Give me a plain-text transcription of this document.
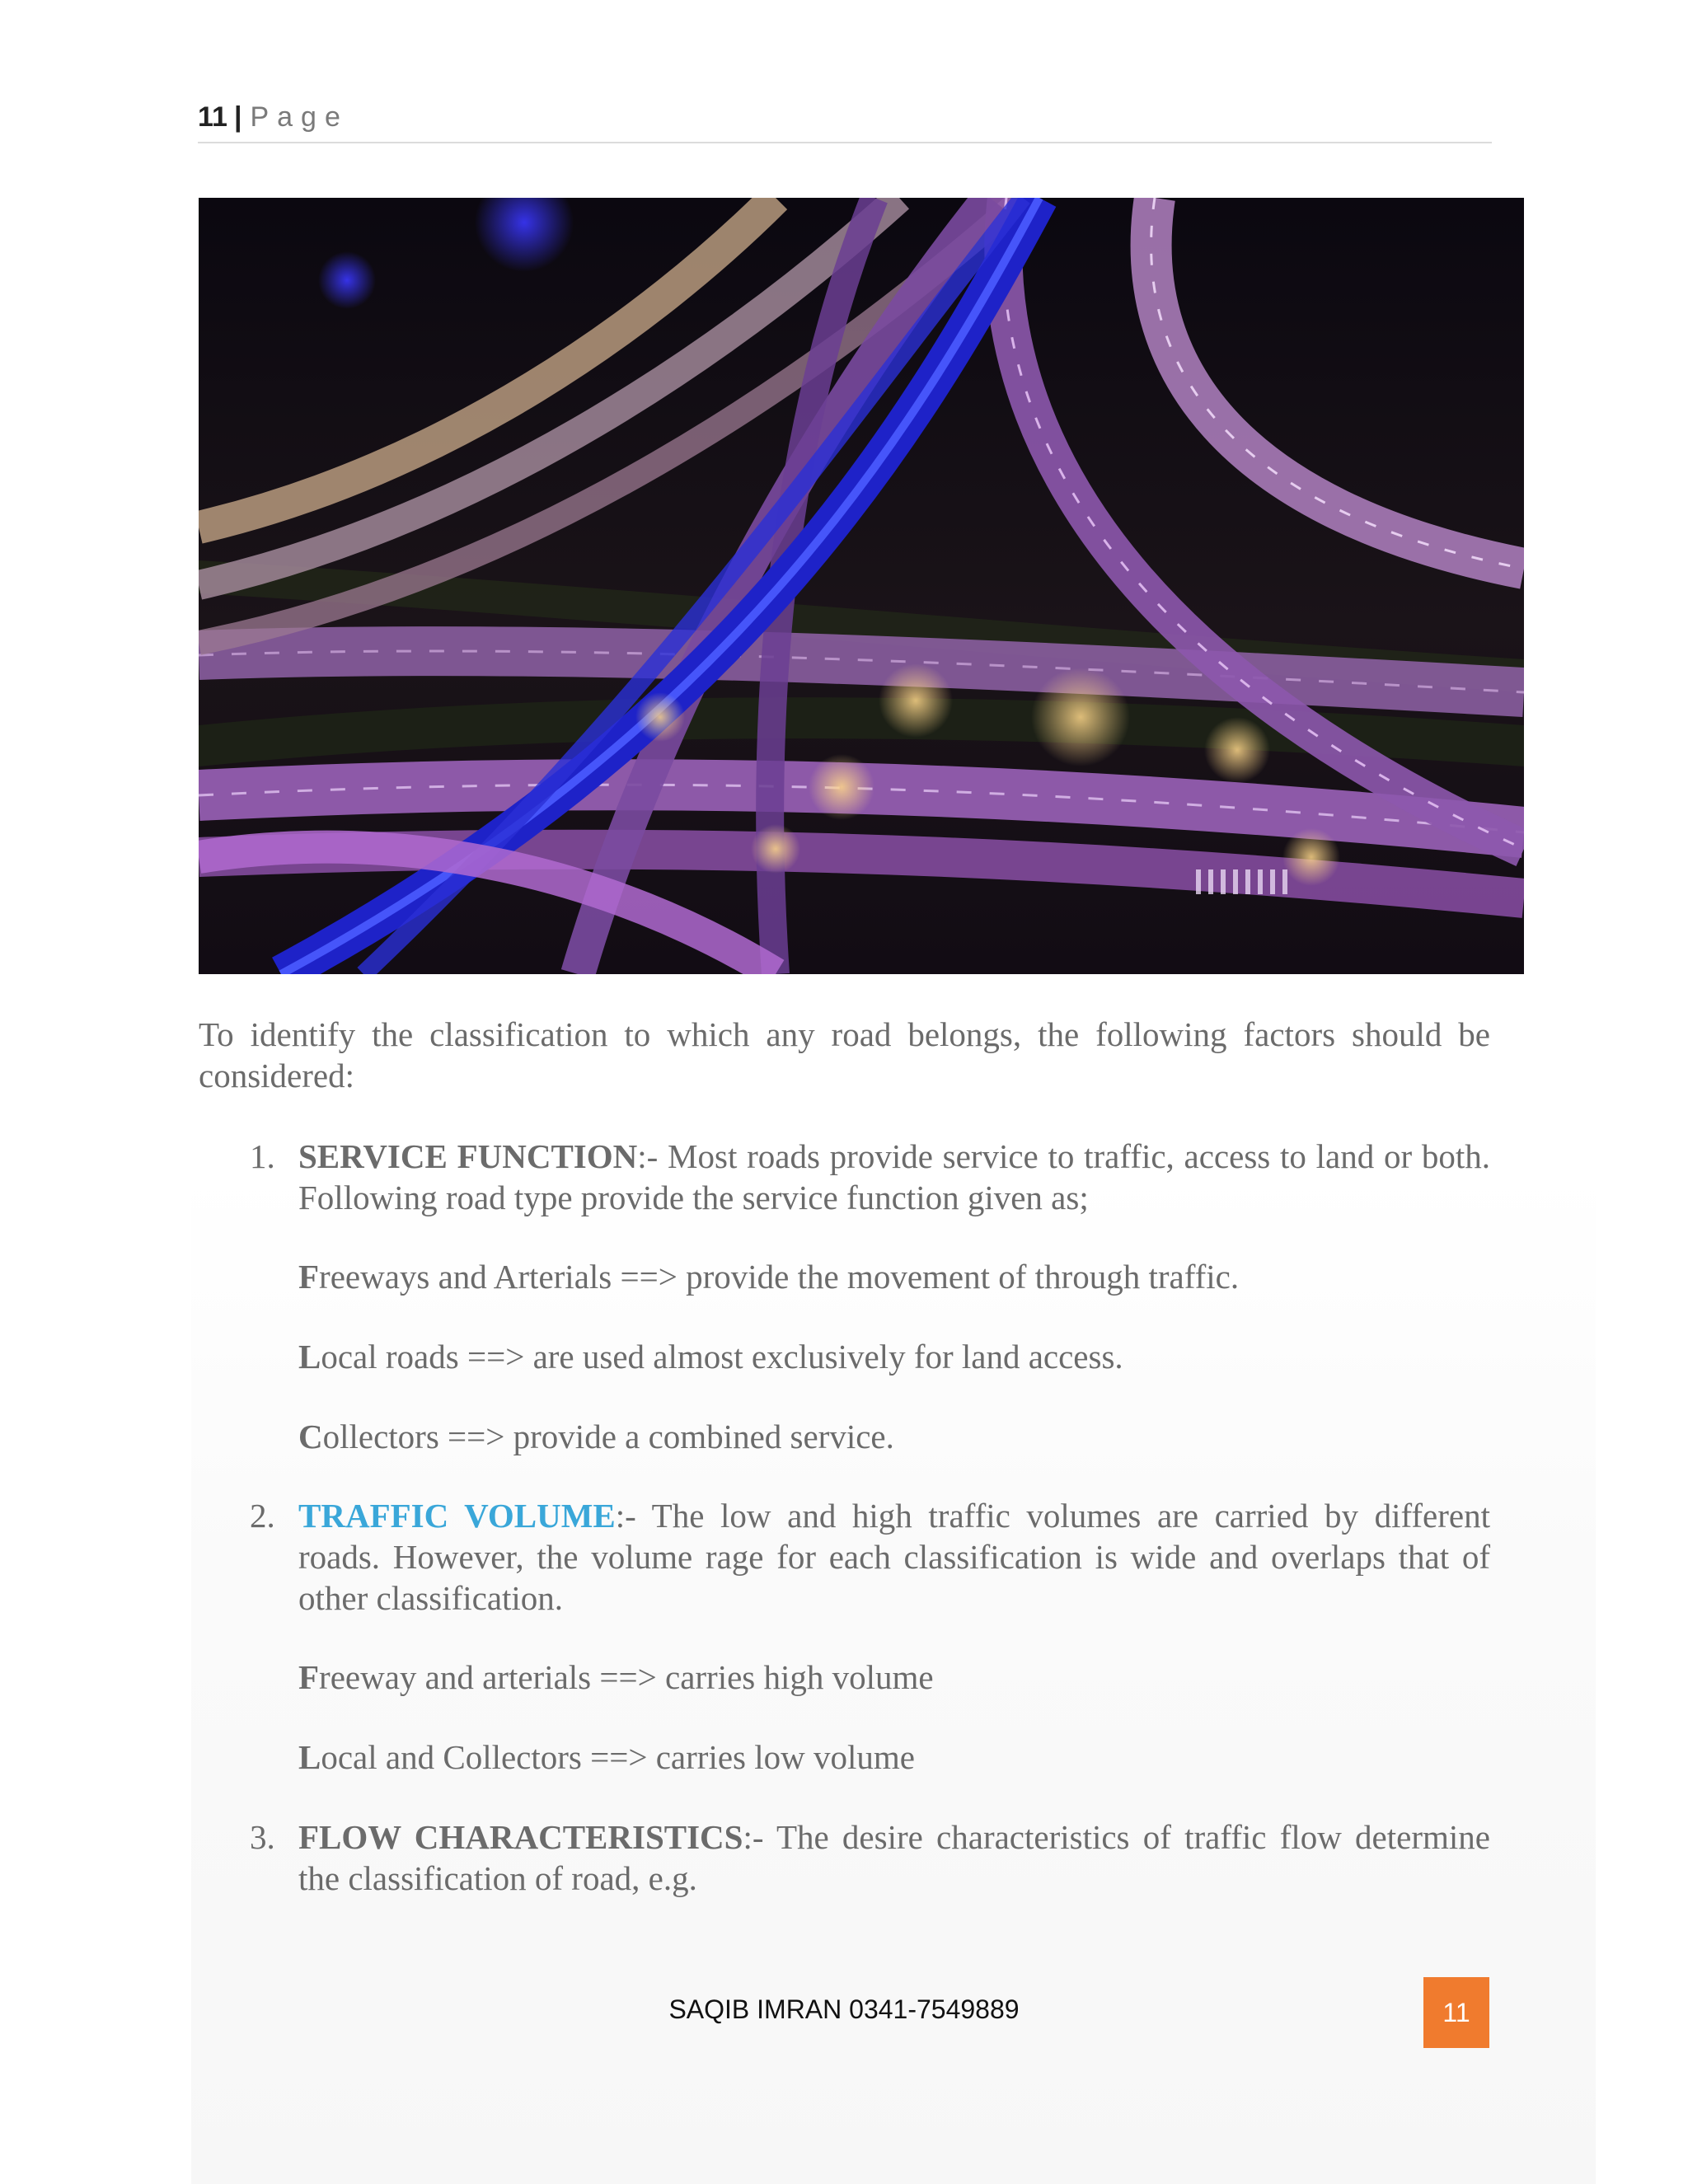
11 | Page
To identify the classification to which any road belongs, the following factors should be considered:
1. SERVICE FUNCTION:- Most roads provide service to traffic, access to land or both. Following road type provide the service function given as;
Freeways and Arterials ==> provide the movement of through traffic.
Local roads ==> are used almost exclusively for land access.
Collectors ==> provide a combined service.
2. TRAFFIC VOLUME:- The low and high traffic volumes are carried by different roads. However, the volume rage for each classification is wide and overlaps that of other classification.
Freeway and arterials ==> carries high volume
Local and Collectors ==> carries low volume
3. FLOW CHARACTERISTICS:- The desire characteristics of traffic flow determine the classification of road, e.g.
SAQIB IMRAN 0341-7549889	11
